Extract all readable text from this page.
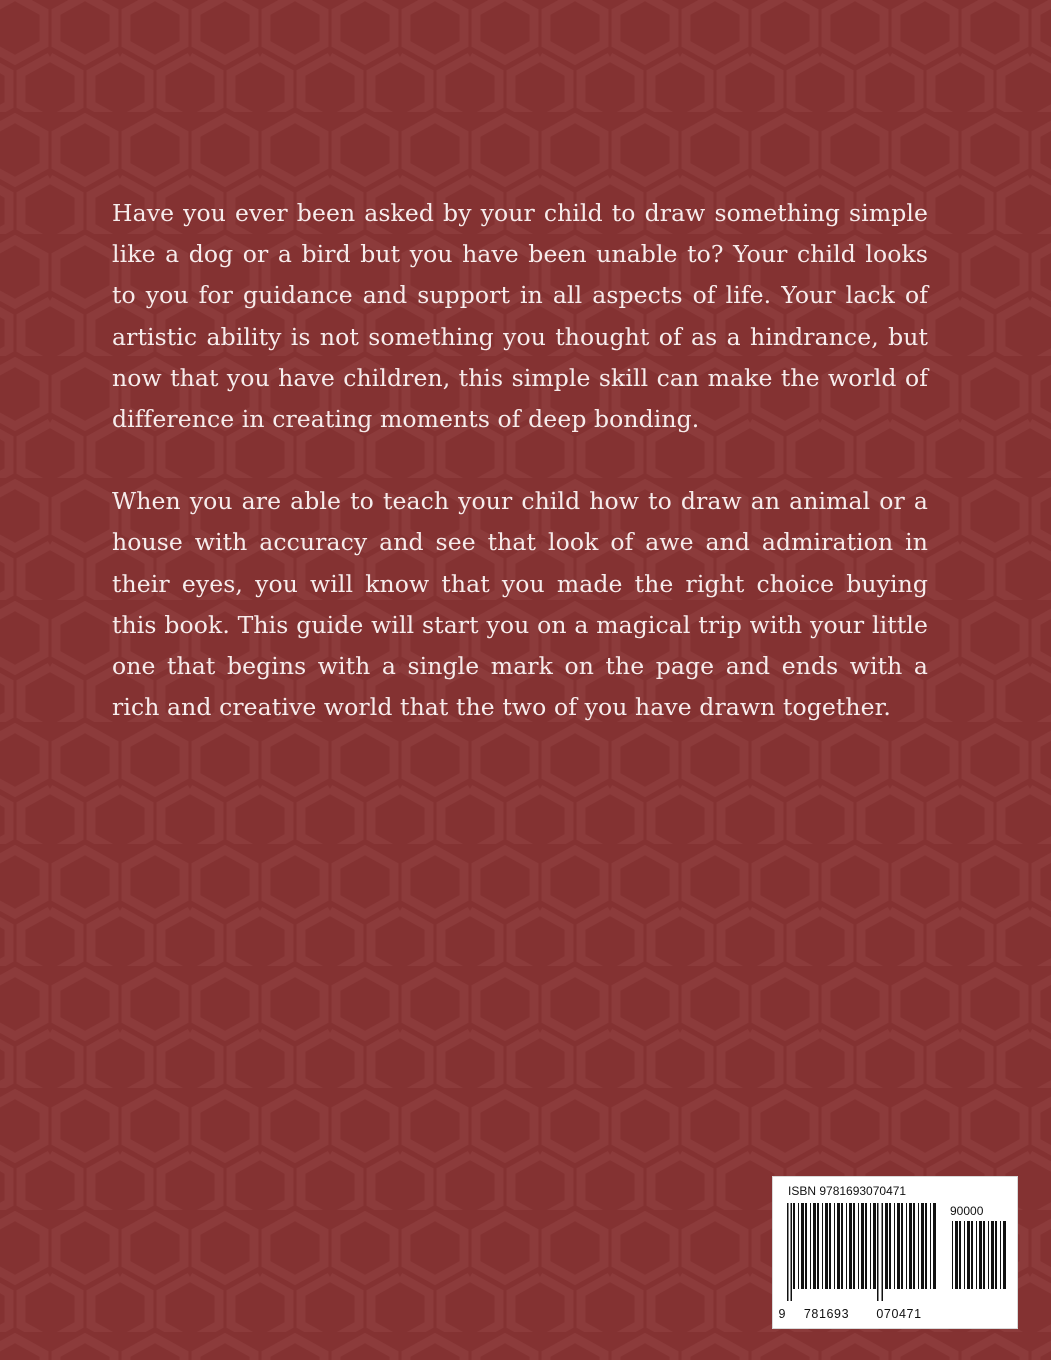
Have you ever been asked by your child to draw something simple like a dog or a bird but you have been unable to? Your child looks to you for guidance and support in all aspects of life. Your lack of artistic ability is not something you thought of as a hindrance, but now that you have children, this simple skill can make the world of difference in creating moments of deep bonding.

When you are able to teach your child how to draw an animal or a house with accuracy and see that look of awe and admiration in their eyes, you will know that you made the right choice buying this book. This guide will start you on a magical trip with your little one that begins with a single mark on the page and ends with a rich and creative world that the two of you have drawn together.

ISBN 9781693070471
90000
9	781693	070471
